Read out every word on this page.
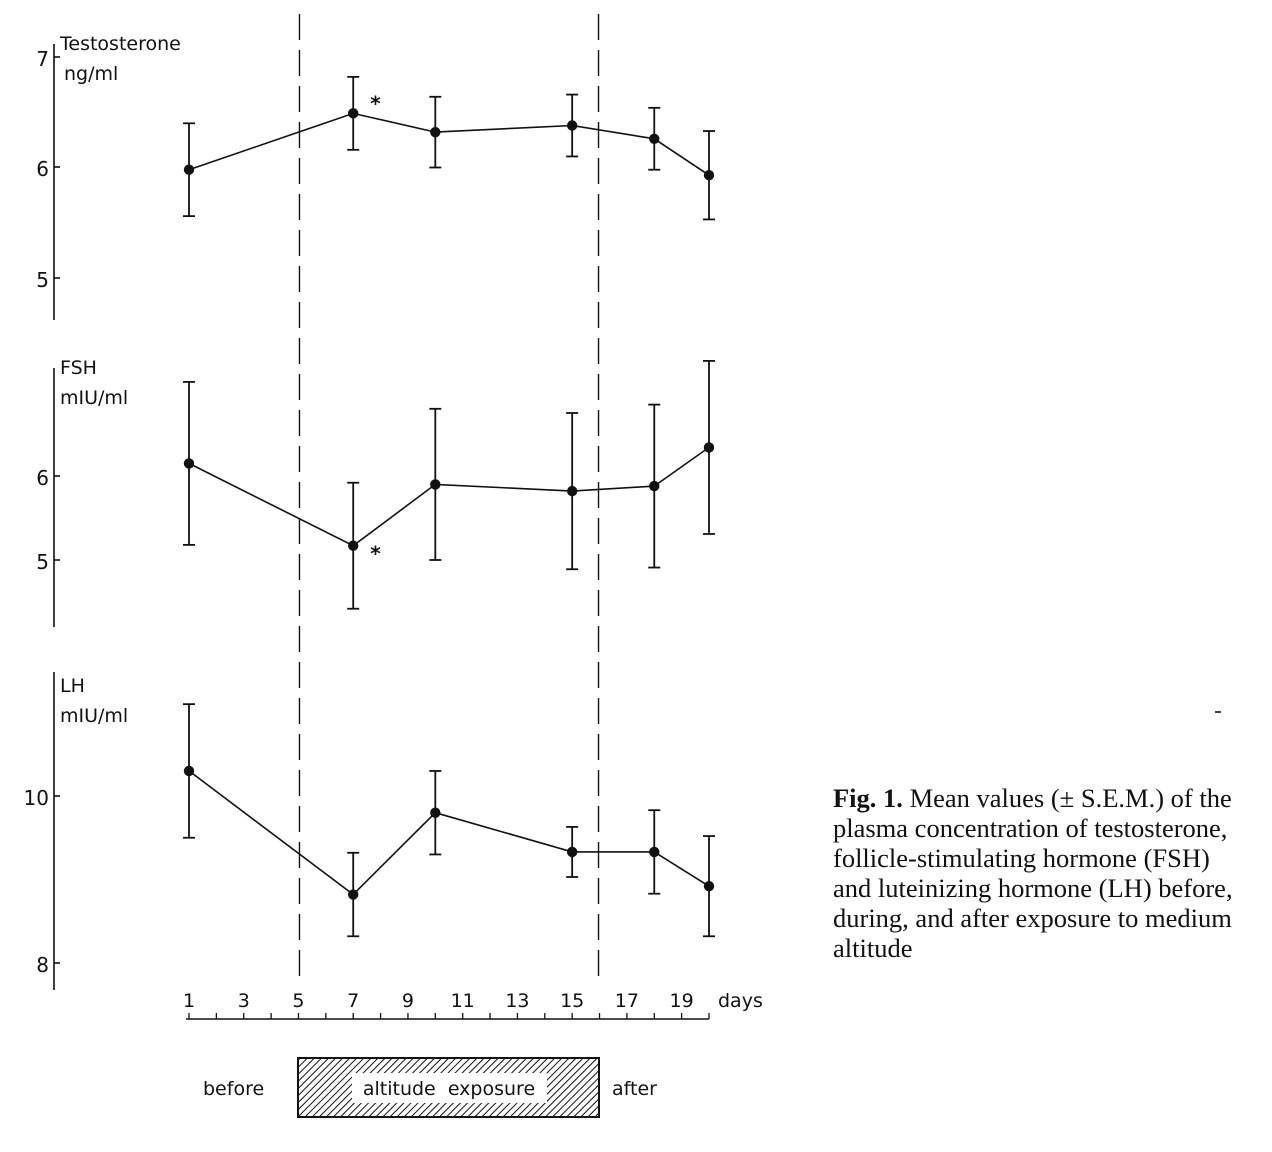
7
6
5
Testosterone
ng/ml
*
6
5
FSH
mIU/ml
*
10
8
LH
mIU/ml
1 3 5 7 9 11 13 15 17 19 days
before	altitude  exposure	after
Fig. 1. Mean values (± S.E.M.) of the plasma concentration of testosterone, follicle-stimulating hormone (FSH) and luteinizing hormone (LH) before, during, and after exposure to medium altitude
